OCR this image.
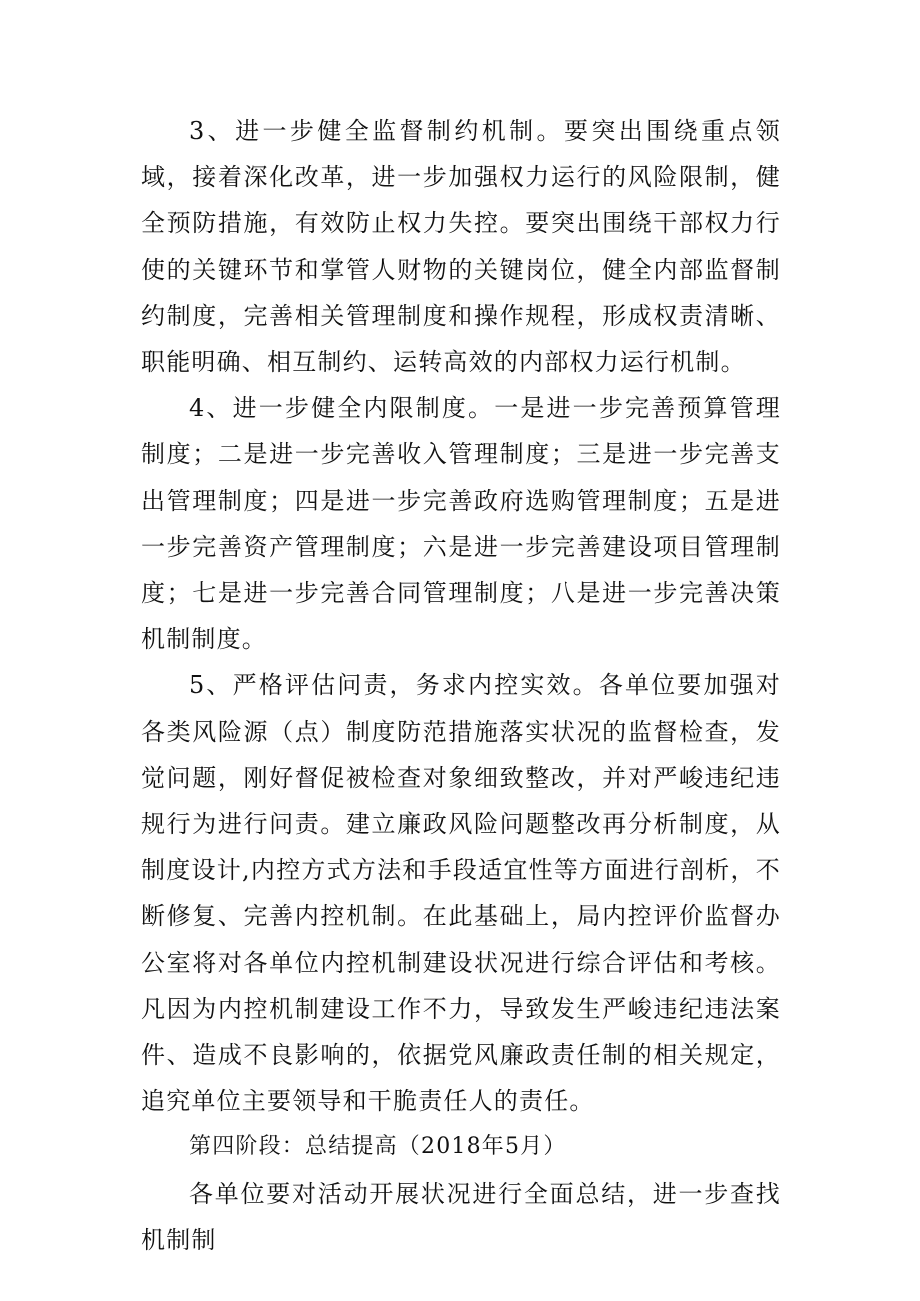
3、进一步健全监督制约机制。要突出围绕重点领域，接着深化改革，进一步加强权力运行的风险限制，健全预防措施，有效防止权力失控。要突出围绕干部权力行使的关键环节和掌管人财物的关键岗位，健全内部监督制约制度，完善相关管理制度和操作规程，形成权责清晰、职能明确、相互制约、运转高效的内部权力运行机制。

4、进一步健全内限制度。一是进一步完善预算管理制度；二是进一步完善收入管理制度；三是进一步完善支出管理制度；四是进一步完善政府选购管理制度；五是进一步完善资产管理制度；六是进一步完善建设项目管理制度；七是进一步完善合同管理制度；八是进一步完善决策机制制度。

5、严格评估问责，务求内控实效。各单位要加强对各类风险源（点）制度防范措施落实状况的监督检查，发觉问题，刚好督促被检查对象细致整改，并对严峻违纪违规行为进行问责。建立廉政风险问题整改再分析制度，从制度设计,内控方式方法和手段适宜性等方面进行剖析，不断修复、完善内控机制。在此基础上，局内控评价监督办公室将对各单位内控机制建设状况进行综合评估和考核。凡因为内控机制建设工作不力，导致发生严峻违纪违法案件、造成不良影响的，依据党风廉政责任制的相关规定，追究单位主要领导和干脆责任人的责任。

第四阶段：总结提高（2018年5月）

各单位要对活动开展状况进行全面总结，进一步查找机制制
